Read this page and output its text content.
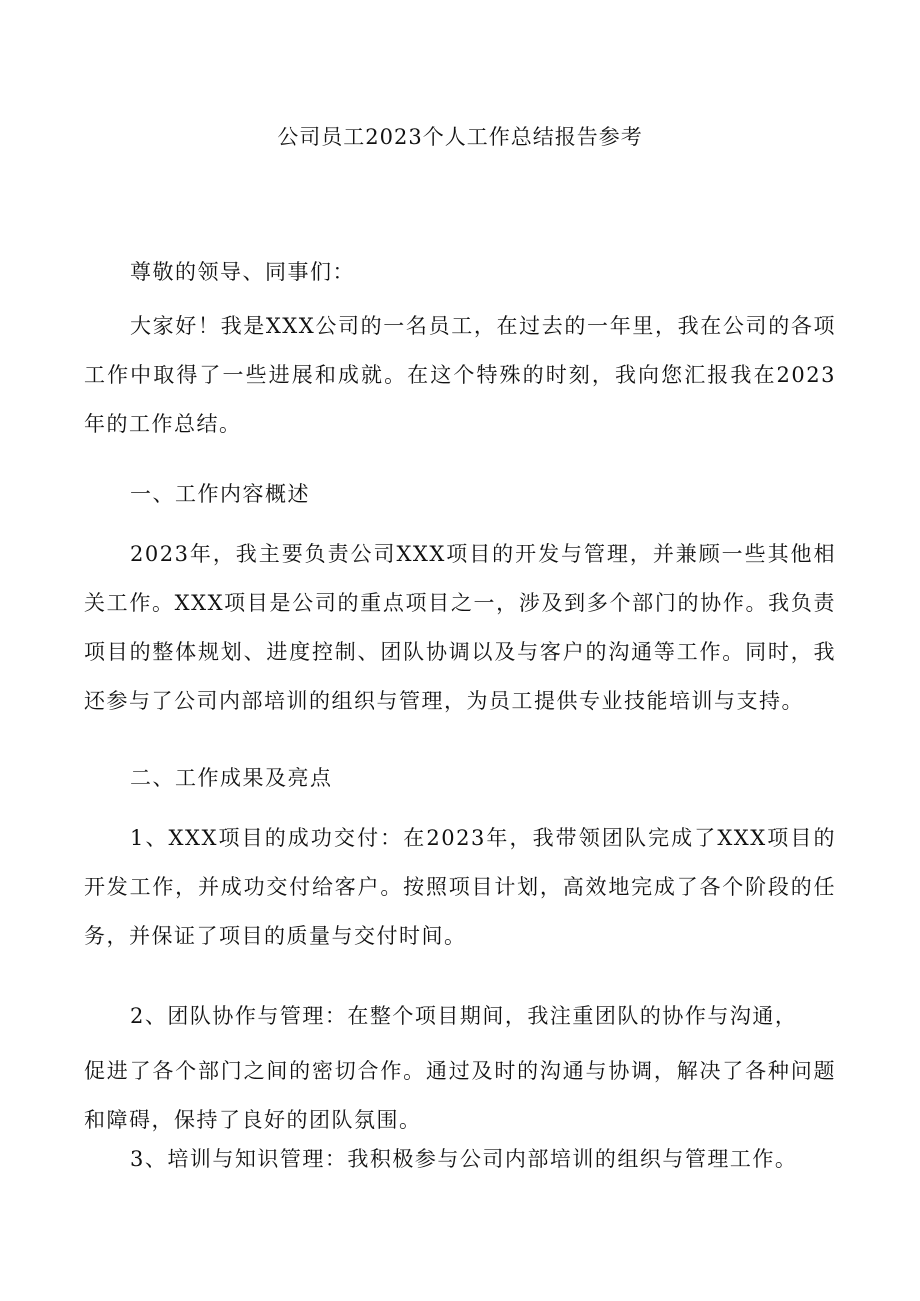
公司员工2023个人工作总结报告参考

尊敬的领导、同事们：

大家好！我是XXX公司的一名员工，在过去的一年里，我在公司的各项工作中取得了一些进展和成就。在这个特殊的时刻，我向您汇报我在2023年的工作总结。

一、工作内容概述

2023年，我主要负责公司XXX项目的开发与管理，并兼顾一些其他相关工作。XXX项目是公司的重点项目之一，涉及到多个部门的协作。我负责项目的整体规划、进度控制、团队协调以及与客户的沟通等工作。同时，我还参与了公司内部培训的组织与管理，为员工提供专业技能培训与支持。

二、工作成果及亮点

1、XXX项目的成功交付：在2023年，我带领团队完成了XXX项目的开发工作，并成功交付给客户。按照项目计划，高效地完成了各个阶段的任务，并保证了项目的质量与交付时间。

2、团队协作与管理：在整个项目期间，我注重团队的协作与沟通，

促进了各个部门之间的密切合作。通过及时的沟通与协调，解决了各种问题和障碍，保持了良好的团队氛围。

3、培训与知识管理：我积极参与公司内部培训的组织与管理工作。
